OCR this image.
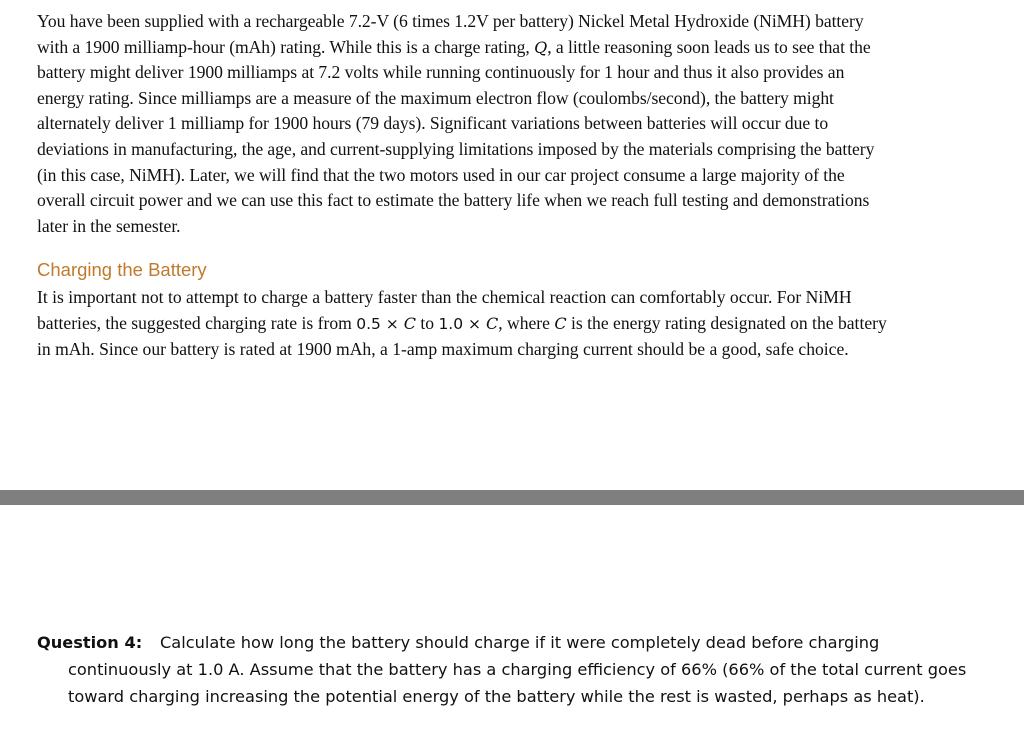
You have been supplied with a rechargeable 7.2-V (6 times 1.2V per battery) Nickel Metal Hydroxide (NiMH) battery
with a 1900 milliamp-hour (mAh) rating. While this is a charge rating, Q, a little reasoning soon leads us to see that the
battery might deliver 1900 milliamps at 7.2 volts while running continuously for 1 hour and thus it also provides an
energy rating. Since milliamps are a measure of the maximum electron flow (coulombs/second), the battery might
alternately deliver 1 milliamp for 1900 hours (79 days). Significant variations between batteries will occur due to
deviations in manufacturing, the age, and current-supplying limitations imposed by the materials comprising the battery
(in this case, NiMH). Later, we will find that the two motors used in our car project consume a large majority of the
overall circuit power and we can use this fact to estimate the battery life when we reach full testing and demonstrations
later in the semester.

Charging the Battery

It is important not to attempt to charge a battery faster than the chemical reaction can comfortably occur. For NiMH
batteries, the suggested charging rate is from 0.5 × C to 1.0 × C, where C is the energy rating designated on the battery
in mAh. Since our battery is rated at 1900 mAh, a 1-amp maximum charging current should be a good, safe choice.

Question 4: Calculate how long the battery should charge if it were completely dead before charging
continuously at 1.0 A. Assume that the battery has a charging efficiency of 66% (66% of the total current goes
toward charging increasing the potential energy of the battery while the rest is wasted, perhaps as heat).
